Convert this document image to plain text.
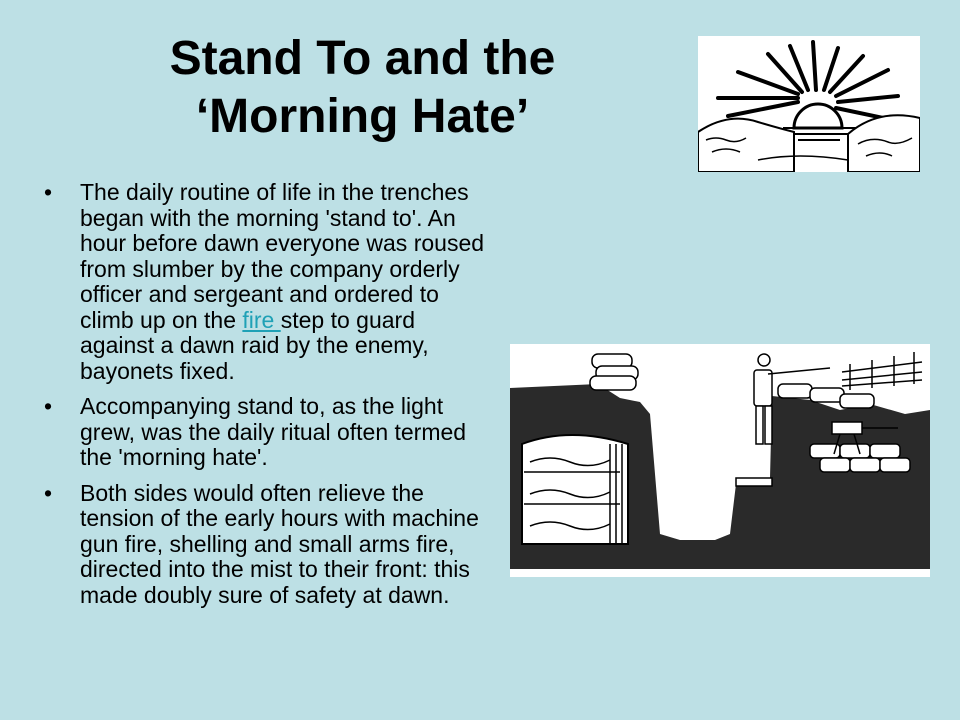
Stand To and the
‘Morning Hate’
• The daily routine of life in the trenches began with the morning 'stand to'. An hour before dawn everyone was roused from slumber by the company orderly officer and sergeant and ordered to climb up on the fire step to guard against a dawn raid by the enemy, bayonets fixed.
• Accompanying stand to, as the light grew, was the daily ritual often termed the 'morning hate'.
• Both sides would often relieve the tension of the early hours with machine gun fire, shelling and small arms fire, directed into the mist to their front: this made doubly sure of safety at dawn.
